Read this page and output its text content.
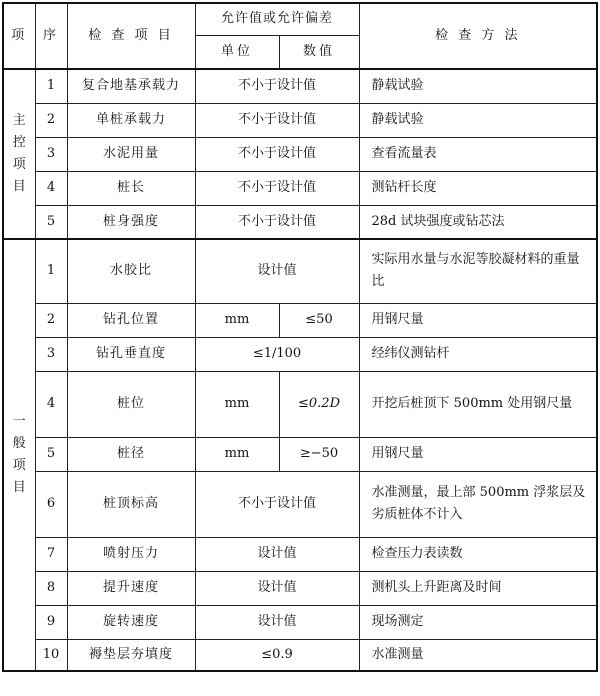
项	序	检 查 项 目	允许值或允许偏差		检 查 方 法
			单位	数值	

主
控
项
目	1	复合地基承载力	不小于设计值		静载试验
	2	单桩承载力	不小于设计值		静载试验
	3	水泥用量	不小于设计值		查看流量表
	4	桩长	不小于设计值		测钻杆长度
	5	桩身强度	不小于设计值		28d 试块强度或钻芯法

一
般
项
目	1	水胶比	设计值		实际用水量与水泥等胶凝材料的重量比
	2	钻孔位置	mm	≤50	用钢尺量
	3	钻孔垂直度	≤1/100		经纬仪测钻杆
	4	桩位	mm	≤0.2D	开挖后桩顶下 500mm 处用钢尺量
	5	桩径	mm	≥−50	用钢尺量
	6	桩顶标高	不小于设计值		水准测量，最上部 500mm 浮浆层及劣质桩体不计入
	7	喷射压力	设计值		检查压力表读数
	8	提升速度	设计值		测机头上升距离及时间
	9	旋转速度	设计值		现场测定
	10	褥垫层夯填度	≤0.9		水准测量
